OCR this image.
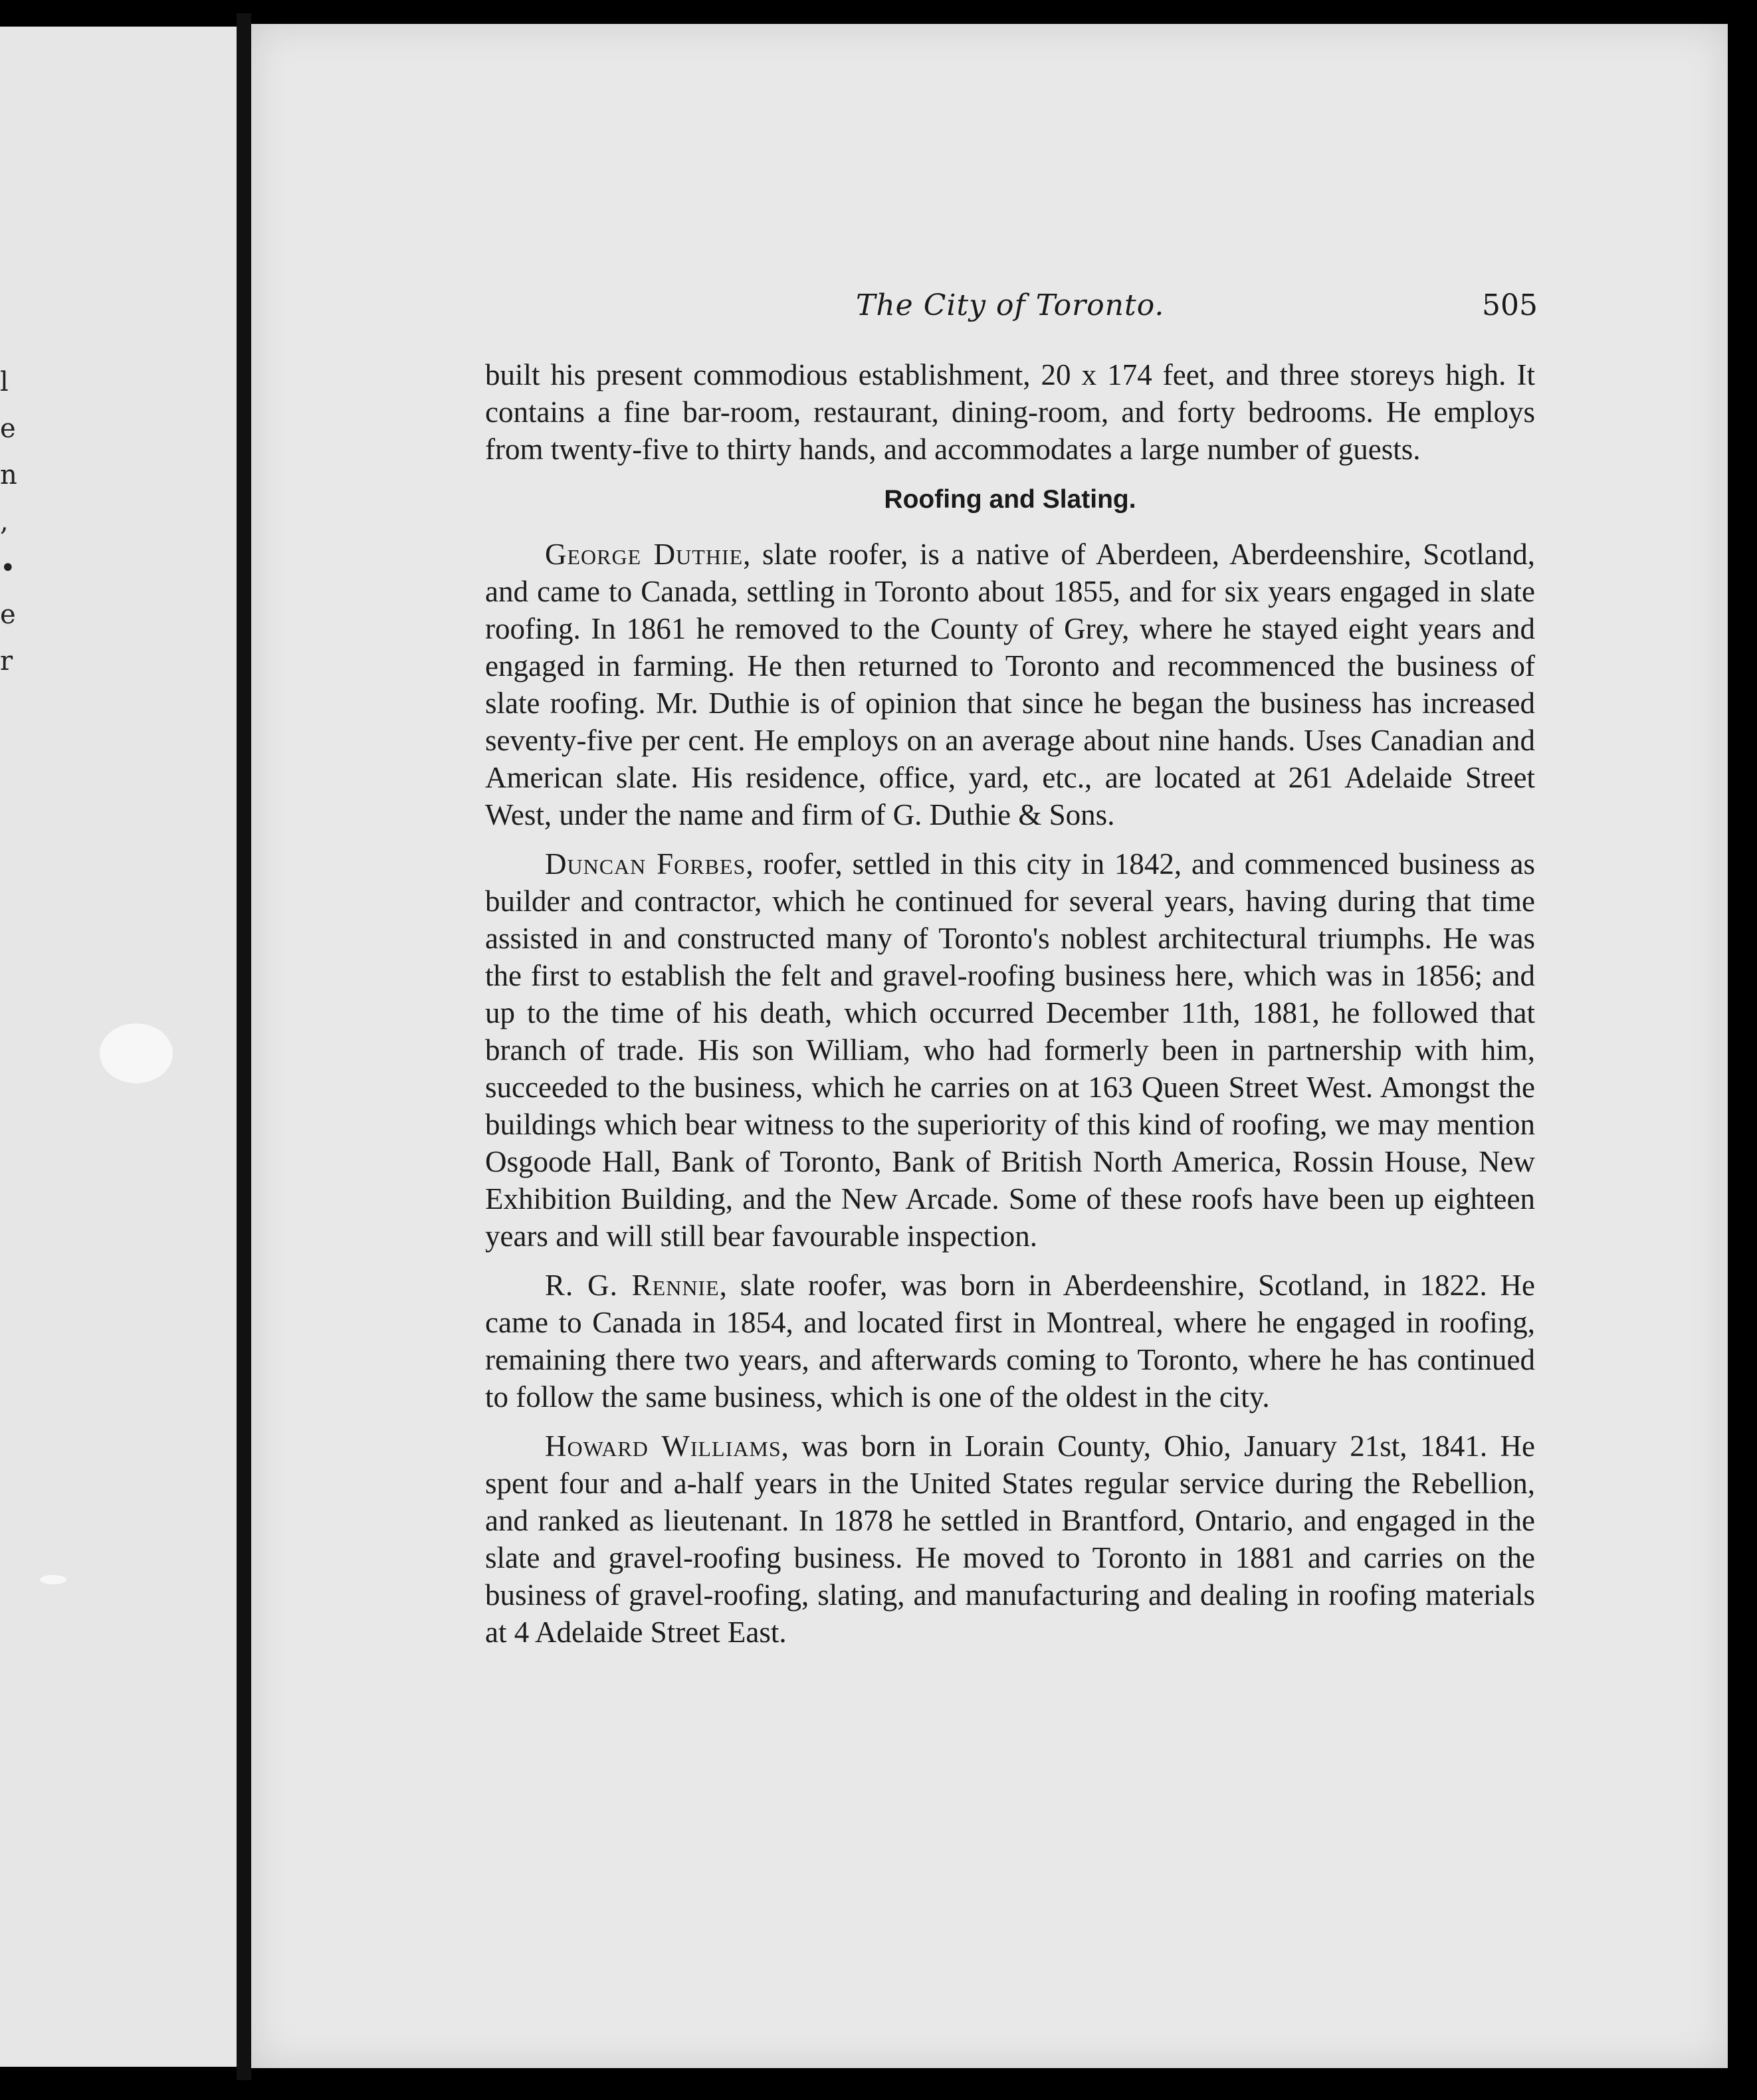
l
e
n
,
•
e
r
The City of Toronto.	505

built his present commodious establishment, 20 x 174 feet, and three storeys high. It contains a fine bar-room, restaurant, dining-room, and forty bedrooms. He employs from twenty-five to thirty hands, and accommodates a large number of guests.

Roofing and Slating.

George Duthie, slate roofer, is a native of Aberdeen, Aberdeenshire, Scotland, and came to Canada, settling in Toronto about 1855, and for six years engaged in slate roofing. In 1861 he removed to the County of Grey, where he stayed eight years and engaged in farming. He then returned to Toronto and recommenced the business of slate roofing. Mr. Duthie is of opinion that since he began the business has increased seventy-five per cent. He employs on an average about nine hands. Uses Canadian and American slate. His residence, office, yard, etc., are located at 261 Adelaide Street West, under the name and firm of G. Duthie & Sons.

Duncan Forbes, roofer, settled in this city in 1842, and commenced business as builder and contractor, which he continued for several years, having during that time assisted in and constructed many of Toronto's noblest architectural triumphs. He was the first to establish the felt and gravel-roofing business here, which was in 1856; and up to the time of his death, which occurred December 11th, 1881, he followed that branch of trade. His son William, who had formerly been in partnership with him, succeeded to the business, which he carries on at 163 Queen Street West. Amongst the buildings which bear witness to the superiority of this kind of roofing, we may mention Osgoode Hall, Bank of Toronto, Bank of British North America, Rossin House, New Exhibition Building, and the New Arcade. Some of these roofs have been up eighteen years and will still bear favourable inspection.

R. G. Rennie, slate roofer, was born in Aberdeenshire, Scotland, in 1822. He came to Canada in 1854, and located first in Montreal, where he engaged in roofing, remaining there two years, and afterwards coming to Toronto, where he has continued to follow the same business, which is one of the oldest in the city.

Howard Williams, was born in Lorain County, Ohio, January 21st, 1841. He spent four and a-half years in the United States regular service during the Rebellion, and ranked as lieutenant. In 1878 he settled in Brantford, Ontario, and engaged in the slate and gravel-roofing business. He moved to Toronto in 1881 and carries on the business of gravel-roofing, slating, and manufacturing and dealing in roofing materials at 4 Adelaide Street East.
